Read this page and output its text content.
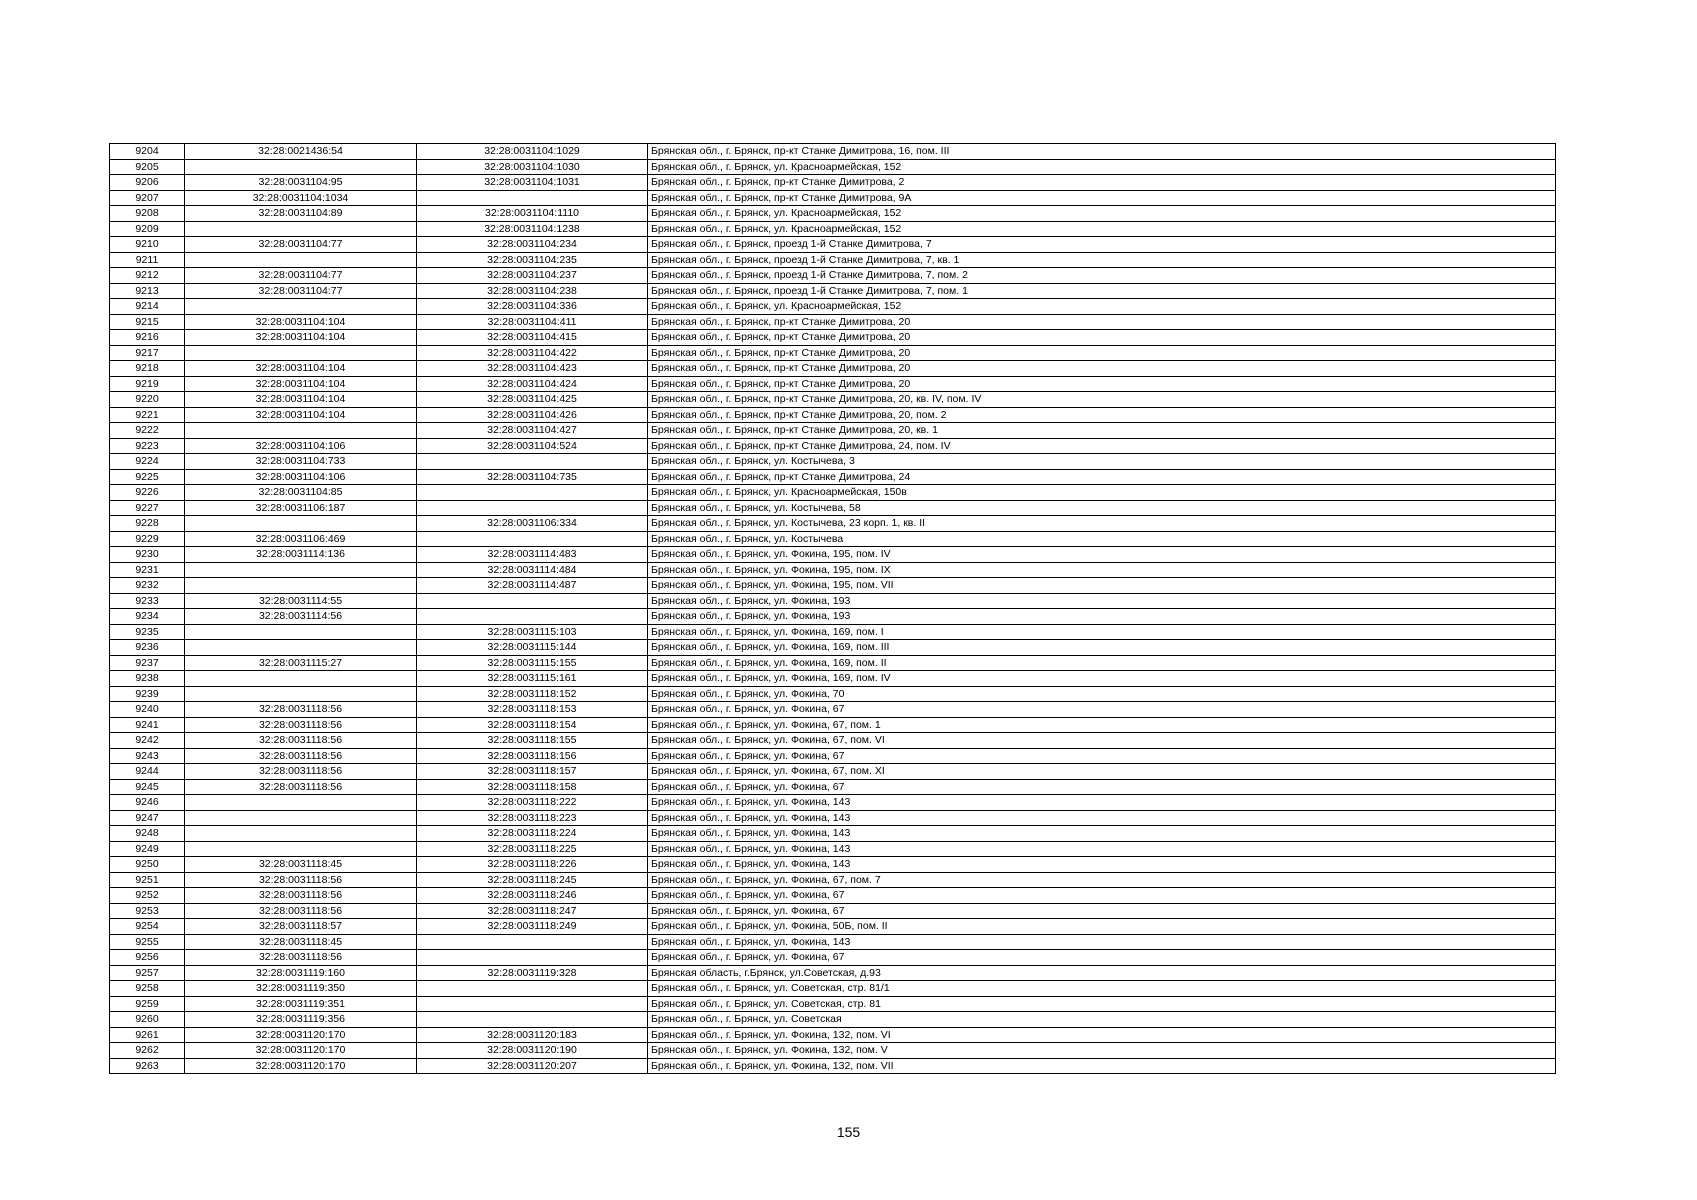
9204	32:28:0021436:54	32:28:0031104:1029	Брянская обл., г. Брянск, пр-кт Станке Димитрова, 16, пом. III
9205		32:28:0031104:1030	Брянская обл., г. Брянск, ул. Красноармейская, 152
9206	32:28:0031104:95	32:28:0031104:1031	Брянская обл., г. Брянск, пр-кт Станке Димитрова, 2
9207	32:28:0031104:1034		Брянская обл., г. Брянск, пр-кт Станке Димитрова, 9А
9208	32:28:0031104:89	32:28:0031104:1110	Брянская обл., г. Брянск, ул. Красноармейская, 152
9209		32:28:0031104:1238	Брянская обл., г. Брянск, ул. Красноармейская, 152
9210	32:28:0031104:77	32:28:0031104:234	Брянская обл., г. Брянск, проезд 1-й Станке Димитрова, 7
9211		32:28:0031104:235	Брянская обл., г. Брянск, проезд 1-й Станке Димитрова, 7, кв. 1
9212	32:28:0031104:77	32:28:0031104:237	Брянская обл., г. Брянск, проезд 1-й Станке Димитрова, 7, пом. 2
9213	32:28:0031104:77	32:28:0031104:238	Брянская обл., г. Брянск, проезд 1-й Станке Димитрова, 7, пом. 1
9214		32:28:0031104:336	Брянская обл., г. Брянск, ул. Красноармейская, 152
9215	32:28:0031104:104	32:28:0031104:411	Брянская обл., г. Брянск, пр-кт Станке Димитрова, 20
9216	32:28:0031104:104	32:28:0031104:415	Брянская обл., г. Брянск, пр-кт Станке Димитрова, 20
9217		32:28:0031104:422	Брянская обл., г. Брянск, пр-кт Станке Димитрова, 20
9218	32:28:0031104:104	32:28:0031104:423	Брянская обл., г. Брянск, пр-кт Станке Димитрова, 20
9219	32:28:0031104:104	32:28:0031104:424	Брянская обл., г. Брянск, пр-кт Станке Димитрова, 20
9220	32:28:0031104:104	32:28:0031104:425	Брянская обл., г. Брянск, пр-кт Станке Димитрова, 20, кв. IV, пом. IV
9221	32:28:0031104:104	32:28:0031104:426	Брянская обл., г. Брянск, пр-кт Станке Димитрова, 20, пом. 2
9222		32:28:0031104:427	Брянская обл., г. Брянск, пр-кт Станке Димитрова, 20, кв. 1
9223	32:28:0031104:106	32:28:0031104:524	Брянская обл., г. Брянск, пр-кт Станке Димитрова, 24, пом. IV
9224	32:28:0031104:733		Брянская обл., г. Брянск, ул. Костычева, 3
9225	32:28:0031104:106	32:28:0031104:735	Брянская обл., г. Брянск, пр-кт Станке Димитрова, 24
9226	32:28:0031104:85		Брянская обл., г. Брянск, ул. Красноармейская, 150в
9227	32:28:0031106:187		Брянская обл., г. Брянск, ул. Костычева, 58
9228		32:28:0031106:334	Брянская обл., г. Брянск, ул. Костычева, 23 корп. 1, кв. II
9229	32:28:0031106:469		Брянская обл., г. Брянск, ул. Костычева
9230	32:28:0031114:136	32:28:0031114:483	Брянская обл., г. Брянск, ул. Фокина, 195, пом. IV
9231		32:28:0031114:484	Брянская обл., г. Брянск, ул. Фокина, 195, пом. IX
9232		32:28:0031114:487	Брянская обл., г. Брянск, ул. Фокина, 195, пом. VII
9233	32:28:0031114:55		Брянская обл., г. Брянск, ул. Фокина, 193
9234	32:28:0031114:56		Брянская обл., г. Брянск, ул. Фокина, 193
9235		32:28:0031115:103	Брянская обл., г. Брянск, ул. Фокина, 169, пом. I
9236		32:28:0031115:144	Брянская обл., г. Брянск, ул. Фокина, 169, пом. III
9237	32:28:0031115:27	32:28:0031115:155	Брянская обл., г. Брянск, ул. Фокина, 169, пом. II
9238		32:28:0031115:161	Брянская обл., г. Брянск, ул. Фокина, 169, пом. IV
9239		32:28:0031118:152	Брянская обл., г. Брянск, ул. Фокина, 70
9240	32:28:0031118:56	32:28:0031118:153	Брянская обл., г. Брянск, ул. Фокина, 67
9241	32:28:0031118:56	32:28:0031118:154	Брянская обл., г. Брянск, ул. Фокина, 67, пом. 1
9242	32:28:0031118:56	32:28:0031118:155	Брянская обл., г. Брянск, ул. Фокина, 67, пом. VI
9243	32:28:0031118:56	32:28:0031118:156	Брянская обл., г. Брянск, ул. Фокина, 67
9244	32:28:0031118:56	32:28:0031118:157	Брянская обл., г. Брянск, ул. Фокина, 67, пом. XI
9245	32:28:0031118:56	32:28:0031118:158	Брянская обл., г. Брянск, ул. Фокина, 67
9246		32:28:0031118:222	Брянская обл., г. Брянск, ул. Фокина, 143
9247		32:28:0031118:223	Брянская обл., г. Брянск, ул. Фокина, 143
9248		32:28:0031118:224	Брянская обл., г. Брянск, ул. Фокина, 143
9249		32:28:0031118:225	Брянская обл., г. Брянск, ул. Фокина, 143
9250	32:28:0031118:45	32:28:0031118:226	Брянская обл., г. Брянск, ул. Фокина, 143
9251	32:28:0031118:56	32:28:0031118:245	Брянская обл., г. Брянск, ул. Фокина, 67, пом. 7
9252	32:28:0031118:56	32:28:0031118:246	Брянская обл., г. Брянск, ул. Фокина, 67
9253	32:28:0031118:56	32:28:0031118:247	Брянская обл., г. Брянск, ул. Фокина, 67
9254	32:28:0031118:57	32:28:0031118:249	Брянская обл., г. Брянск, ул. Фокина, 50Б, пом. II
9255	32:28:0031118:45		Брянская обл., г. Брянск, ул. Фокина, 143
9256	32:28:0031118:56		Брянская обл., г. Брянск, ул. Фокина, 67
9257	32:28:0031119:160	32:28:0031119:328	Брянская область, г.Брянск, ул.Советская, д.93
9258	32:28:0031119:350		Брянская обл., г. Брянск, ул. Советская, стр. 81/1
9259	32:28:0031119:351		Брянская обл., г. Брянск, ул. Советская, стр. 81
9260	32:28:0031119:356		Брянская обл., г. Брянск, ул. Советская
9261	32:28:0031120:170	32:28:0031120:183	Брянская обл., г. Брянск, ул. Фокина, 132, пом. VI
9262	32:28:0031120:170	32:28:0031120:190	Брянская обл., г. Брянск, ул. Фокина, 132, пом. V
9263	32:28:0031120:170	32:28:0031120:207	Брянская обл., г. Брянск, ул. Фокина, 132, пом. VII
155
